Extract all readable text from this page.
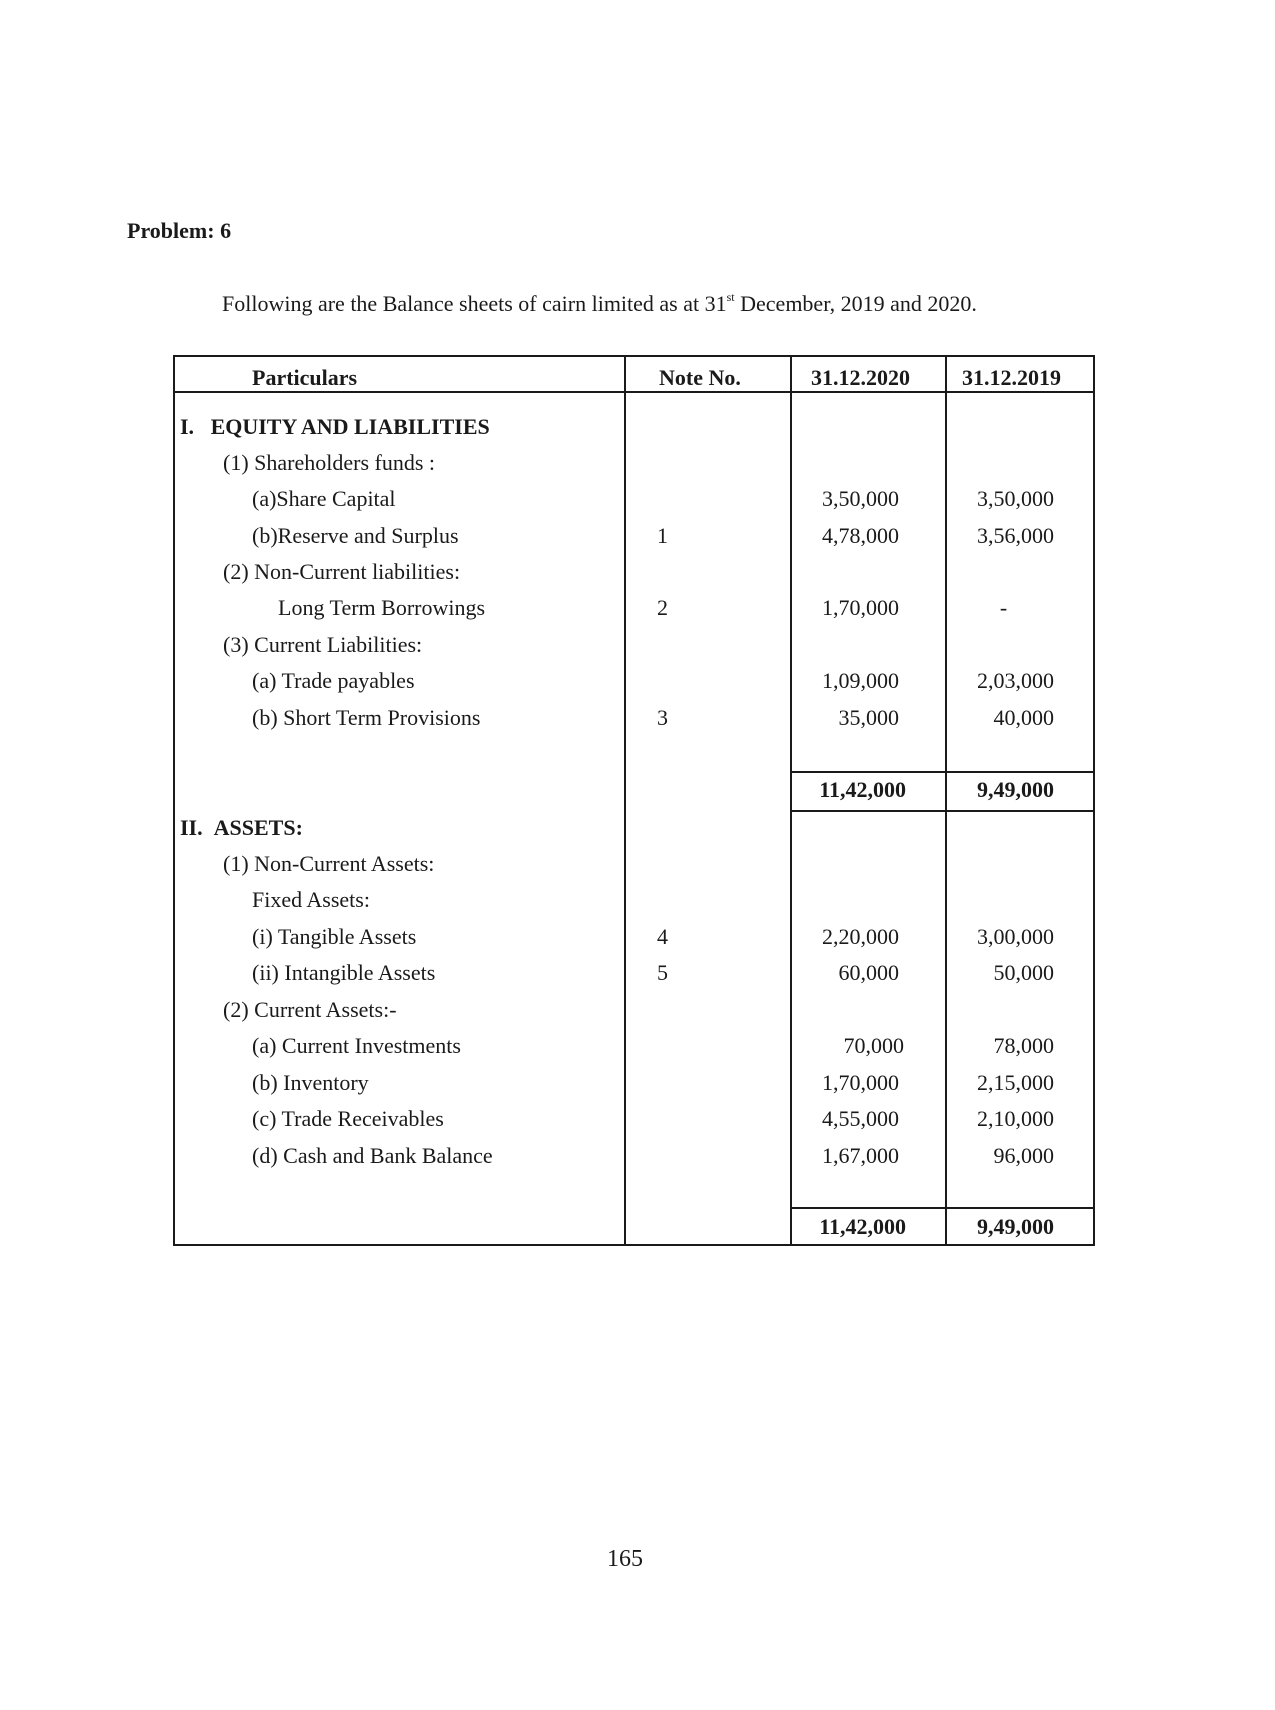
Problem: 6
Following are the Balance sheets of cairn limited as at 31st December, 2019 and 2020.
Particulars	Note No.	31.12.2020 31.12.2019
I.   EQUITY AND LIABILITIES
II.  ASSETS:
(1) Shareholders funds :
(a)Share Capital
(b)Reserve and Surplus
(2) Non-Current liabilities:
Long Term Borrowings
(3) Current Liabilities:
(a) Trade payables
(b) Short Term Provisions
(1) Non-Current Assets:
Fixed Assets:
(i) Tangible Assets
(ii) Intangible Assets
(2) Current Assets:-
(a) Current Investments
(b) Inventory
(c) Trade Receivables
(d) Cash and Bank Balance
1
2
3
4
5
3,50,000
4,78,000
1,70,000
1,09,000
35,000
11,42,000
2,20,000
60,000
70,000
1,70,000
4,55,000
1,67,000
11,42,000
3,50,000
3,56,000
-
2,03,000
40,000
9,49,000
3,00,000
50,000
78,000
2,15,000
2,10,000
96,000
9,49,000
165
